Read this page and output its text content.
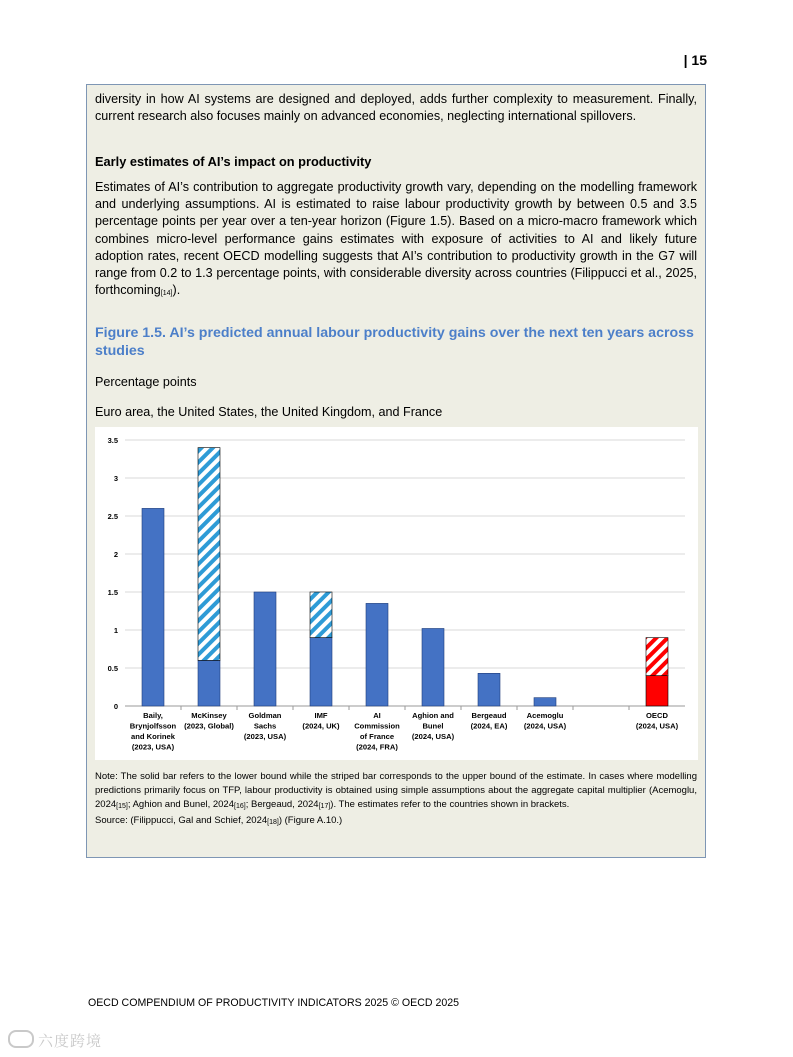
| 15
diversity in how AI systems are designed and deployed, adds further complexity to measurement. Finally, current research also focuses mainly on advanced economies, neglecting international spillovers.
Early estimates of AI’s impact on productivity
Estimates of AI’s contribution to aggregate productivity growth vary, depending on the modelling framework and underlying assumptions. AI is estimated to raise labour productivity growth by between 0.5 and 3.5 percentage points per year over a ten-year horizon (Figure 1.5). Based on a micro-macro framework which combines micro-level performance gains estimates with exposure of activities to AI and likely future adoption rates, recent OECD modelling suggests that AI’s contribution to productivity growth in the G7 will range from 0.2 to 1.3 percentage points, with considerable diversity across countries (Filippucci et al., 2025, forthcoming$_{[14]}$).
Figure 1.5. AI’s predicted annual labour productivity gains over the next ten years across studies
Percentage points
Euro area, the United States, the United Kingdom, and France
0
0.5
1
1.5
2
2.5
3
3.5
Baily,
Brynjolfsson
and Korinek
(2023, USA)
McKinsey
(2023, Global)
Goldman
Sachs
(2023, USA)
IMF
(2024, UK)
AI
Commission
of France
(2024, FRA)
Aghion and
Bunel
(2024, USA)
Bergeaud
(2024, EA)
Acemoglu
(2024, USA)
OECD
(2024, USA)

Note: The solid bar refers to the lower bound while the striped bar corresponds to the upper bound of the estimate. In cases where modelling predictions primarily focus on TFP, labour productivity is obtained using simple assumptions about the aggregate capital multiplier (Acemoglu, $2024_{[15]}$; Aghion and Bunel, $2024_{[16]}$; Bergeaud, $2024_{[17]}$). The estimates refer to the countries shown in brackets.

Source: (Filippucci, Gal and Schief, $2024_{[18]}$) (Figure A.10.)

OECD COMPENDIUM OF PRODUCTIVITY INDICATORS 2025 © OECD 2025
六度跨境
